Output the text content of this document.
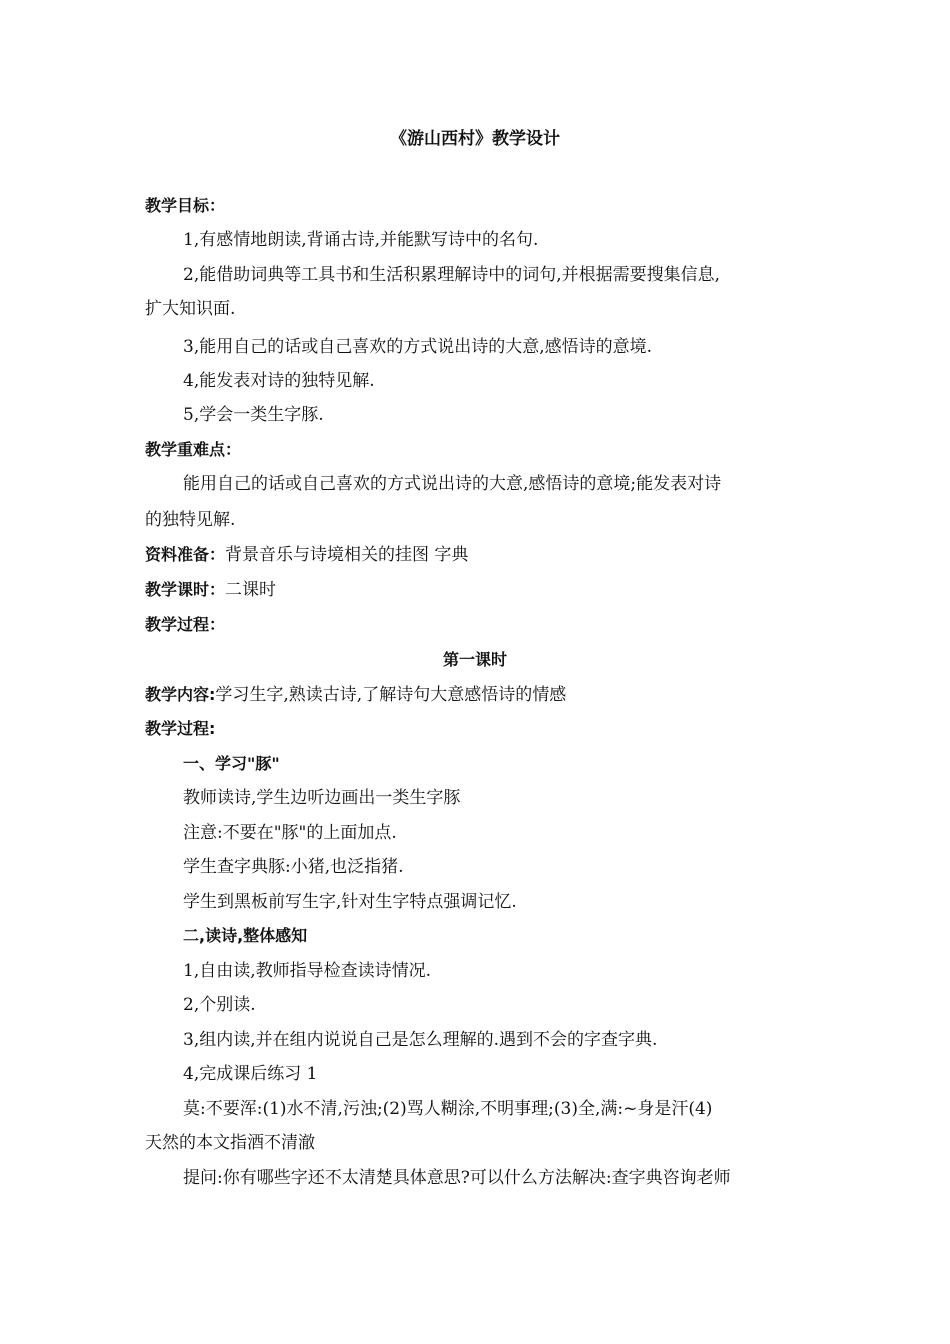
《游山西村》教学设计
教学目标：
1,有感情地朗读,背诵古诗,并能默写诗中的名句.
2,能借助词典等工具书和生活积累理解诗中的词句,并根据需要搜集信息,
扩大知识面.
3,能用自己的话或自己喜欢的方式说出诗的大意,感悟诗的意境.
4,能发表对诗的独特见解.
5,学会一类生字豚.
教学重难点：
能用自己的话或自己喜欢的方式说出诗的大意,感悟诗的意境;能发表对诗
的独特见解.
资料准备：背景音乐与诗境相关的挂图 字典
教学课时：二课时
教学过程：
第一课时
教学内容:学习生字,熟读古诗,了解诗句大意感悟诗的情感
教学过程:
一、学习"豚"
教师读诗,学生边听边画出一类生字豚
注意:不要在"豚"的上面加点.
学生查字典豚:小猪,也泛指猪.
学生到黑板前写生字,针对生字特点强调记忆.
二,读诗,整体感知
1,自由读,教师指导检查读诗情况.
2,个别读.
3,组内读,并在组内说说自己是怎么理解的.遇到不会的字查字典.
4,完成课后练习 1
莫:不要浑:(1)水不清,污浊;(2)骂人糊涂,不明事理;(3)全,满:~身是汗(4)
天然的本文指酒不清澈
提问:你有哪些字还不太清楚具体意思?可以什么方法解决:查字典咨询老师
